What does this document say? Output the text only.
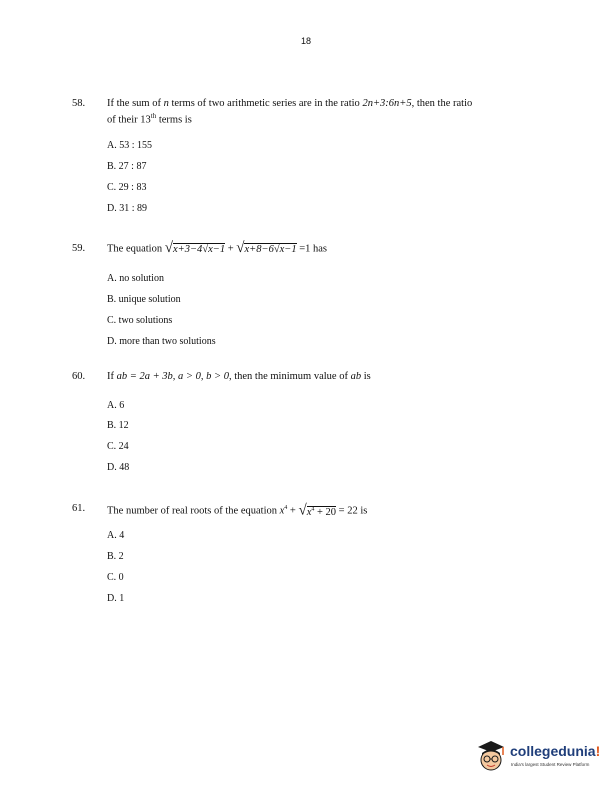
18
58. If the sum of n terms of two arithmetic series are in the ratio 2n+3:6n+5, then the ratio
of their 13th terms is
A. 53 : 155
B. 27 : 87
C. 29 : 83
D. 31 : 89
59. The equation √x+3−4√x−1 + √x+8−6√x−1 =1 has
A. no solution
B. unique solution
C. two solutions
D. more than two solutions
60. If ab = 2a + 3b, a > 0, b > 0, then the minimum value of ab is
A. 6
B. 12
C. 24
D. 48
61. The number of real roots of the equation $x^4 + √x^4 + 20 = 22$ is
A. 4
B. 2
C. 0
D. 1
collegedunia!
India's largest Student Review Platform
